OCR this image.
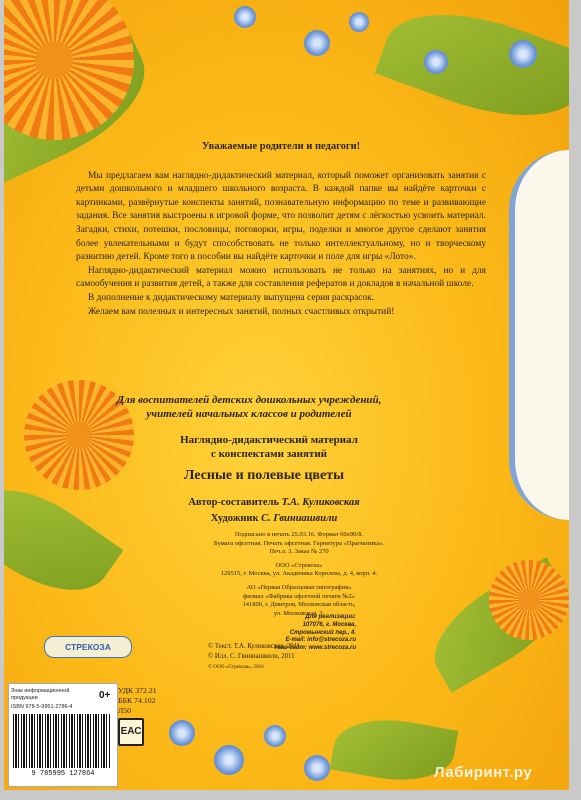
Уважаемые родители и педагоги!

Мы предлагаем вам наглядно-дидактический материал, который поможет организовать занятия с детьми дошкольного и младшего школьного возраста. В каждой папке вы найдёте карточки с картинками, развёрнутые конспекты занятий, познавательную информацию по теме и развивающие задания. Все занятия выстроены в игровой форме, что позволит детям с лёгкостью усвоить материал. Загадки, стихи, потешки, пословицы, поговорки, игры, поделки и многое другое сделают занятия более увлекательными и будут способствовать не только интеллектуальному, но и творческому развитию детей. Кроме того в пособии вы найдёте карточки и поле для игры «Лото».

Наглядно-дидактический материал можно использовать не только на занятиях, но и для самообучения и развития детей, а также для составления рефератов и докладов в начальной школе.

В дополнение к дидактическому материалу выпущена серия раскрасок.

Желаем вам полезных и интересных занятий, полных счастливых открытий!

Для воспитателей детских дошкольных учреждений,
учителей начальных классов и родителей
Наглядно-дидактический материал
с конспектами занятий
Лесные и полевые цветы
Автор-составитель Т.А. Куликовская
Художник С. Гвиниашвили
Подписано в печать 25.03.16. Формат 60х90/8.
Бумага офсетная. Печать офсетная. Гарнитура «Прагматика».
Печ.л. 3. Заказ № 270
ООО «Стрекоза»
129515, г. Москва, ул. Академика Королева, д. 4, корп. 4.
АО «Первая Образцовая типография»
филиал «Фабрика офсетной печати №2»
141800, г. Дмитров, Московская область,
ул. Московская, 3.
Для реализации:
107076, г. Москва,
Стромынский пер., 4.
E-mail: info@strecoza.ru
Наш сайт: www.strecoza.ru
СТРЕКОЗА	© Текст. Т.А. Куликовская, 2011
© Илл. С. Гвиниашвили, 2011
© ООО «Стрекоза», 2016
Знак информационной продукции	0+
ISBN 978-5-9951-2786-4
9 785995 127864
УДК 372.21
ББК 74.102
Л50
ЕАС
Лабиринт.ру
